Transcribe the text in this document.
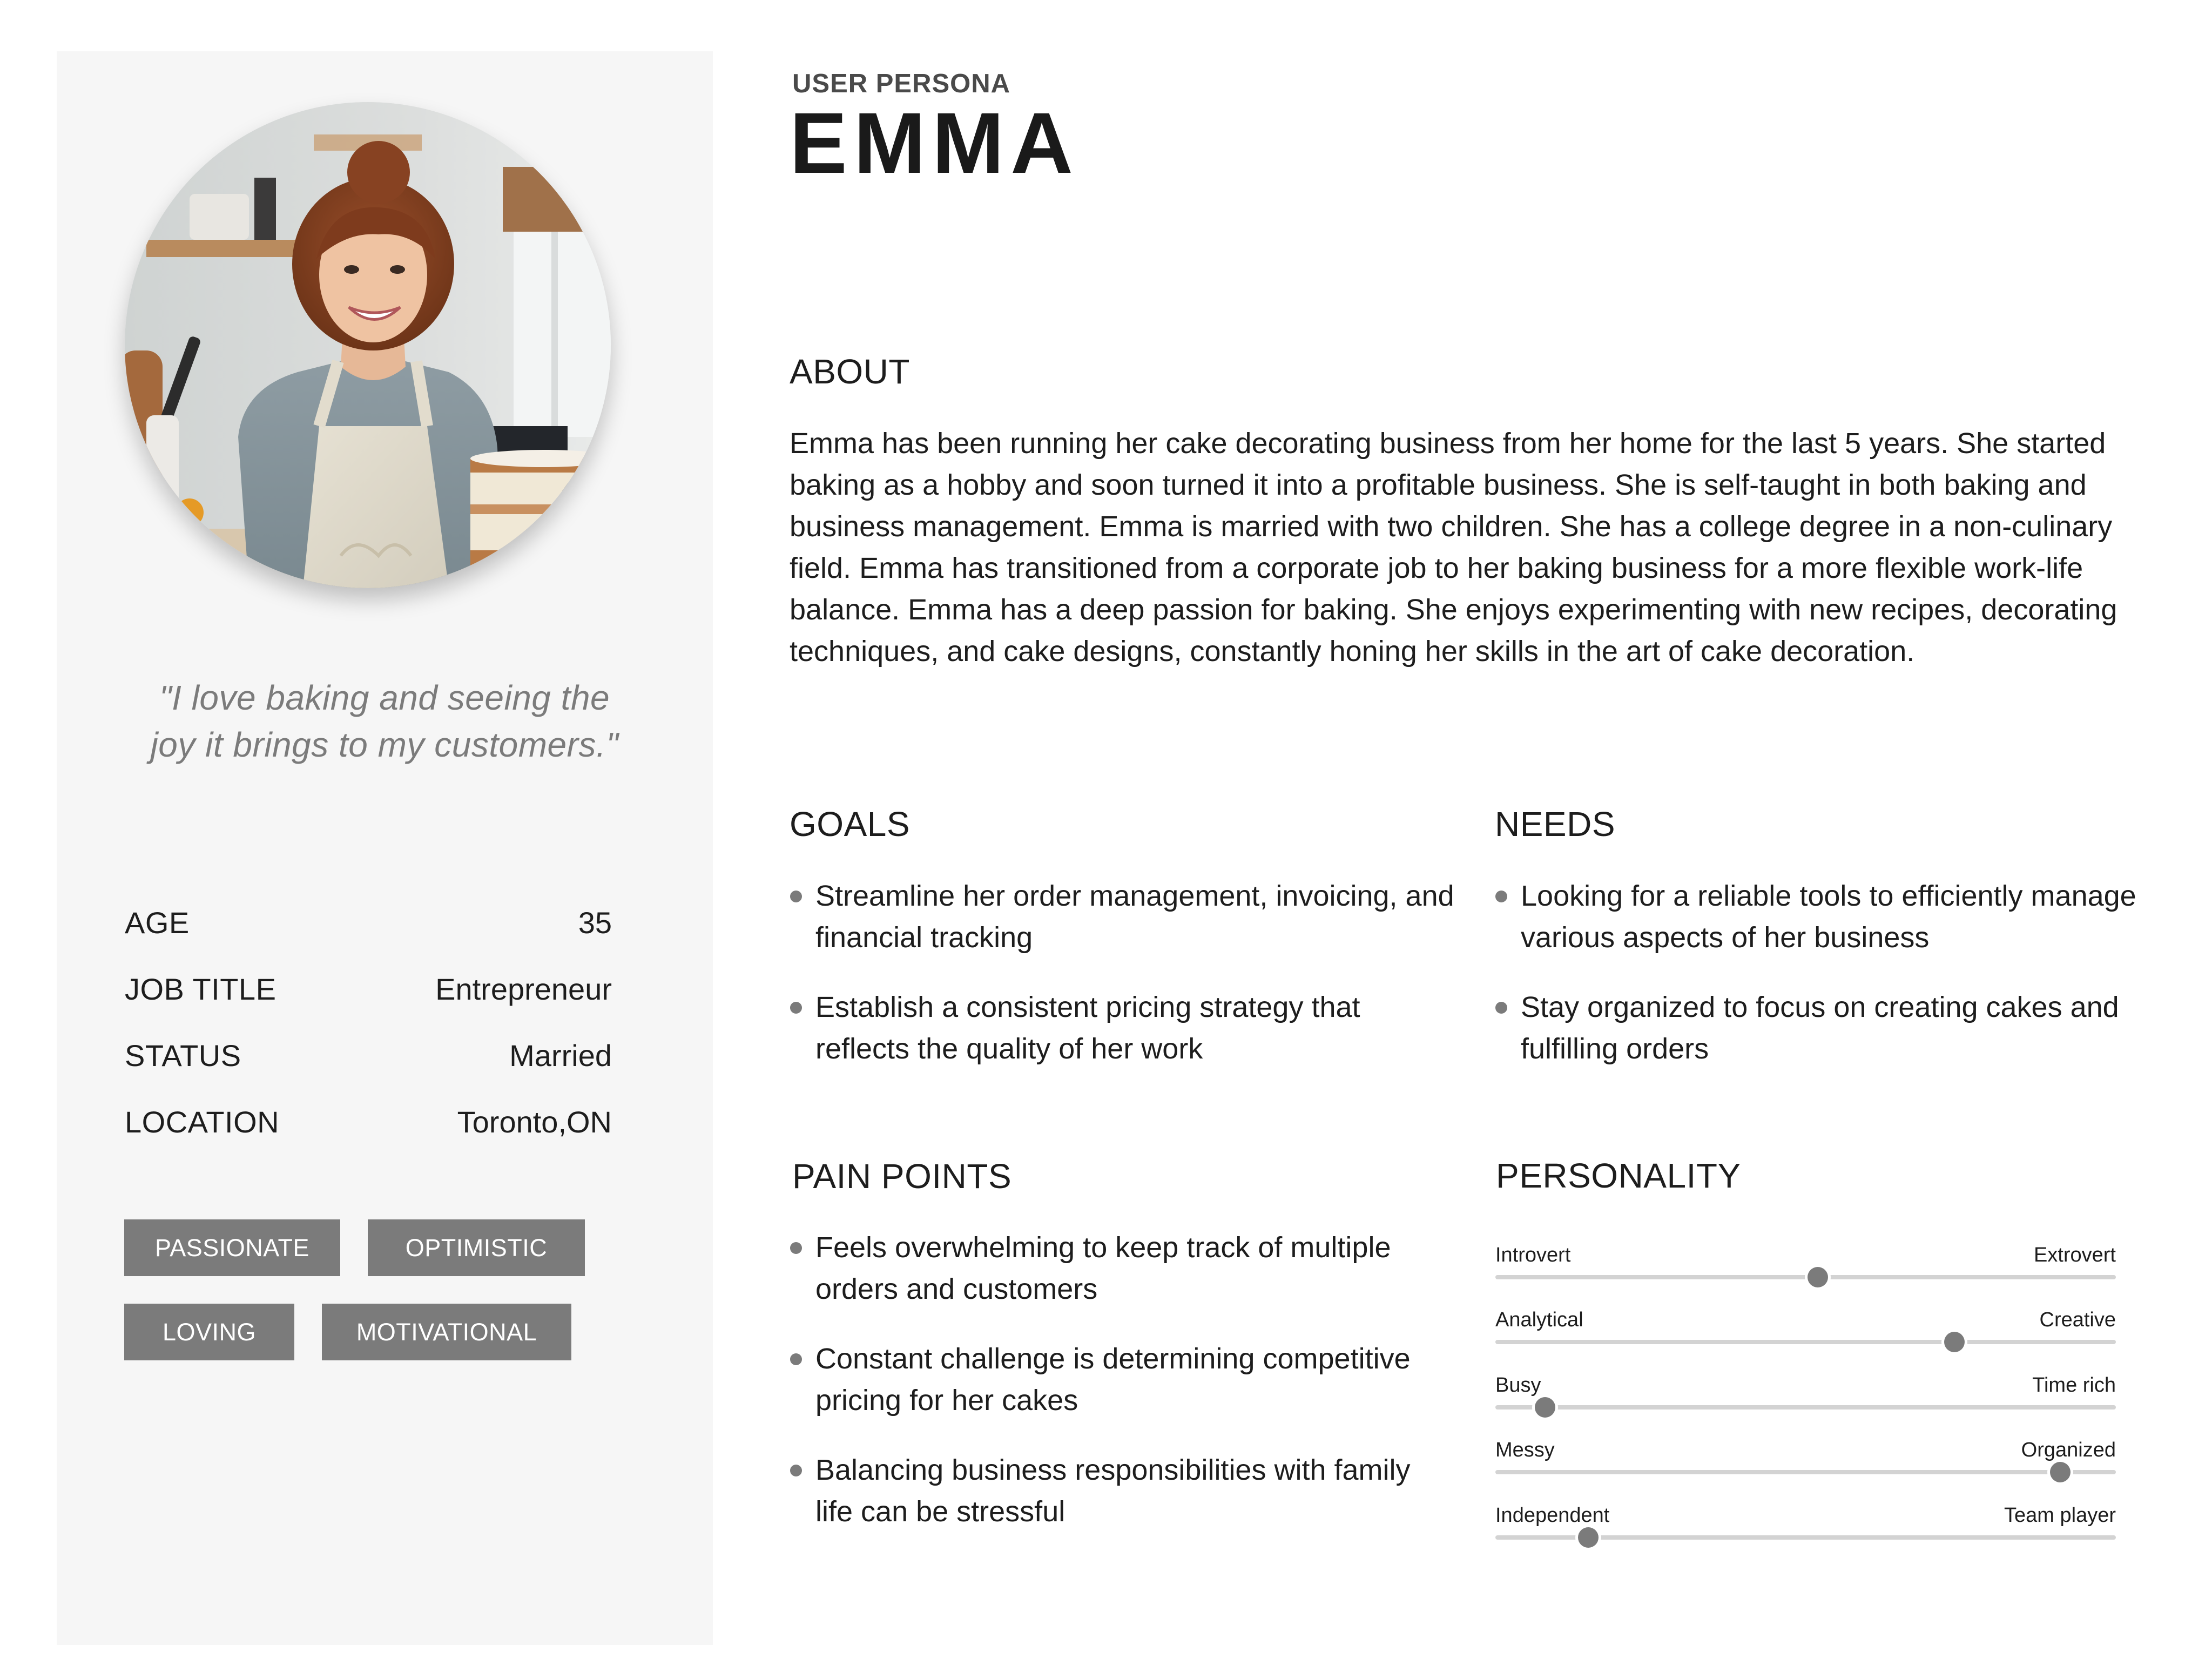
"I love baking and seeing the joy it brings to my customers."
AGE	35
JOB TITLE	Entrepreneur
STATUS	Married
LOCATION	Toronto,ON
PASSIONATE	OPTIMISTIC
LOVING	MOTIVATIONAL
USER PERSONA
EMMA
ABOUT
Emma has been running her cake decorating business from her home for the last 5 years. She started baking as a hobby and soon turned it into a profitable business. She is self-taught in both baking and business management. Emma is married with two children. She has a college degree in a non-culinary field. Emma has transitioned from a corporate job to her baking business for a more flexible work-life balance. Emma has a deep passion for baking. She enjoys experimenting with new recipes, decorating techniques, and cake designs, constantly honing her skills in the art of cake decoration.
GOALS
Streamline her order management, invoicing, and financial tracking
Establish a consistent pricing strategy that reflects the quality of her work
NEEDS
Looking for a reliable tools to efficiently manage various aspects of her business
Stay organized to focus on creating cakes and fulfilling orders
PAIN POINTS
Feels overwhelming to keep track of multiple orders and customers
Constant challenge is determining competitive pricing for her cakes
Balancing business responsibilities with family life can be stressful
PERSONALITY
Introvert	Extrovert
Analytical	Creative
Busy	Time rich
Messy	Organized
Independent	Team player
